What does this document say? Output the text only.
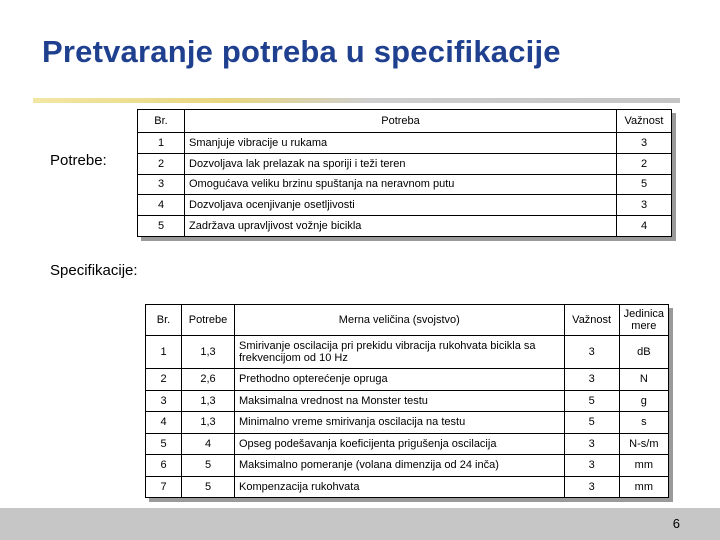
Pretvaranje potreba u specifikacije
Potrebe:
Br.	Potreba	Važnost
1	Smanjuje vibracije u rukama	3
2	Dozvoljava lak prelazak na sporiji i teži teren	2
3	Omogućava veliku brzinu spuštanja na neravnom putu	5
4	Dozvoljava ocenjivanje osetljivosti	3
5	Zadržava upravljivost vožnje bicikla	4
Specifikacije:
Br.	Potrebe	Merna veličina (svojstvo)	Važnost	Jedinica mere
1	1,3	Smirivanje oscilacija pri prekidu vibracija rukohvata bicikla sa frekvencijom od 10 Hz	3	dB
2	2,6	Prethodno opterećenje opruga	3	N
3	1,3	Maksimalna vrednost na Monster testu	5	g
4	1,3	Minimalno vreme smirivanja oscilacija na testu	5	s
5	4	Opseg podešavanja koeficijenta prigušenja oscilacija	3	N-s/m
6	5	Maksimalno pomeranje (volana dimenzija od 24 inča)	3	mm
7	5	Kompenzacija rukohvata	3	mm
6
